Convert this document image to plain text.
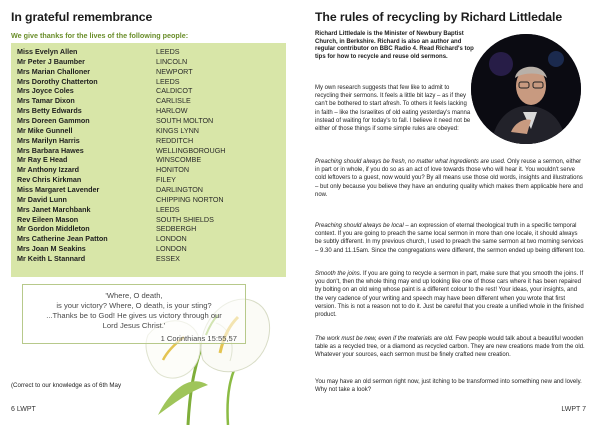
In grateful remembrance
We give thanks for the lives of the following people:
Miss Evelyn Allen
Mr Peter J Baumber
Mrs Marian Challoner
Mrs Dorothy Chatterton
Mrs Joyce Coles
Mrs Tamar Dixon
Mrs Betty Edwards
Mrs Doreen Gammon
Mr Mike Gunnell
Mrs Marilyn Harris
Mrs Barbara Hawes
Mr Ray E Head
Mr Anthony Izzard
Rev Chris Kirkman
Miss Margaret Lavender
Mr David Lunn
Mrs Janet Marchbank
Rev Eileen Mason
Mr Gordon Middleton
Mrs Catherine Jean Patton
Mrs Joan M Seakins
Mr Keith L Stannard
LEEDS
LINCOLN
NEWPORT
LEEDS
CALDICOT
CARLISLE
HARLOW
SOUTH MOLTON
KINGS LYNN
REDDITCH
WELLINGBOROUGH
WINSCOMBE
HONITON
FILEY
DARLINGTON
CHIPPING NORTON
LEEDS
SOUTH SHIELDS
SEDBERGH
LONDON
LONDON
ESSEX
'Where, O death,
is your victory? Where, O death, is your sting?
...Thanks be to God! He gives us victory through our
Lord Jesus Christ.'
1 Corinthians 15:55,57
(Correct to our knowledge as of 6th May
6 LWPT
The rules of recycling by Richard Littledale
Richard Littledale is the Minister of Newbury Baptist Church, in Berkshire. Richard is also an author and regular contributor on BBC Radio 4. Read Richard's top tips for how to recycle and reuse old sermons.
My own research suggests that few like to admit to recycling their sermons. It feels a little bit lazy – as if they can't be bothered to start afresh. To others it feels lacking in faith – like the Israelites of old eating yesterday's manna instead of waiting for today's to fall. I believe it need not be either of those things if some simple rules are obeyed:
Preaching should always be fresh, no matter what ingredients are used. Only reuse a sermon, either in part or in whole, if you do so as an act of love towards those who will hear it. You wouldn't serve cold leftovers to a guest, now would you? By all means use those old words, insights and illustrations – but only because you believe they have an enduring quality which makes them applicable here and now.
Preaching should always be local – an expression of eternal theological truth in a specific temporal context. If you are going to preach the same local sermon in more than one locale, it should always be subtly different. In my previous church, I used to preach the same sermon at two morning services – 9.30 and 11.15am. Since the congregations were different, the sermon ended up being different too.
Smooth the joins. If you are going to recycle a sermon in part, make sure that you smooth the joins. If you don't, then the whole thing may end up looking like one of those cars where it has been repaired by bolting on an old wing whose paint is a different colour to the rest! Your ideas, your insights, and the very cadence of your writing and speech may have been different when you wrote that first version. This is not a reason not to do it. Just be careful that you create a unified whole in the finished product.
The work must be new, even if the materials are old. Few people would talk about a beautiful wooden table as a recycled tree, or a diamond as recycled carbon. They are new creations made from the old. Whatever your sources, each sermon must be finely crafted new creation.
You may have an old sermon right now, just itching to be transformed into something new and lovely. Why not take a look?
LWPT 7
